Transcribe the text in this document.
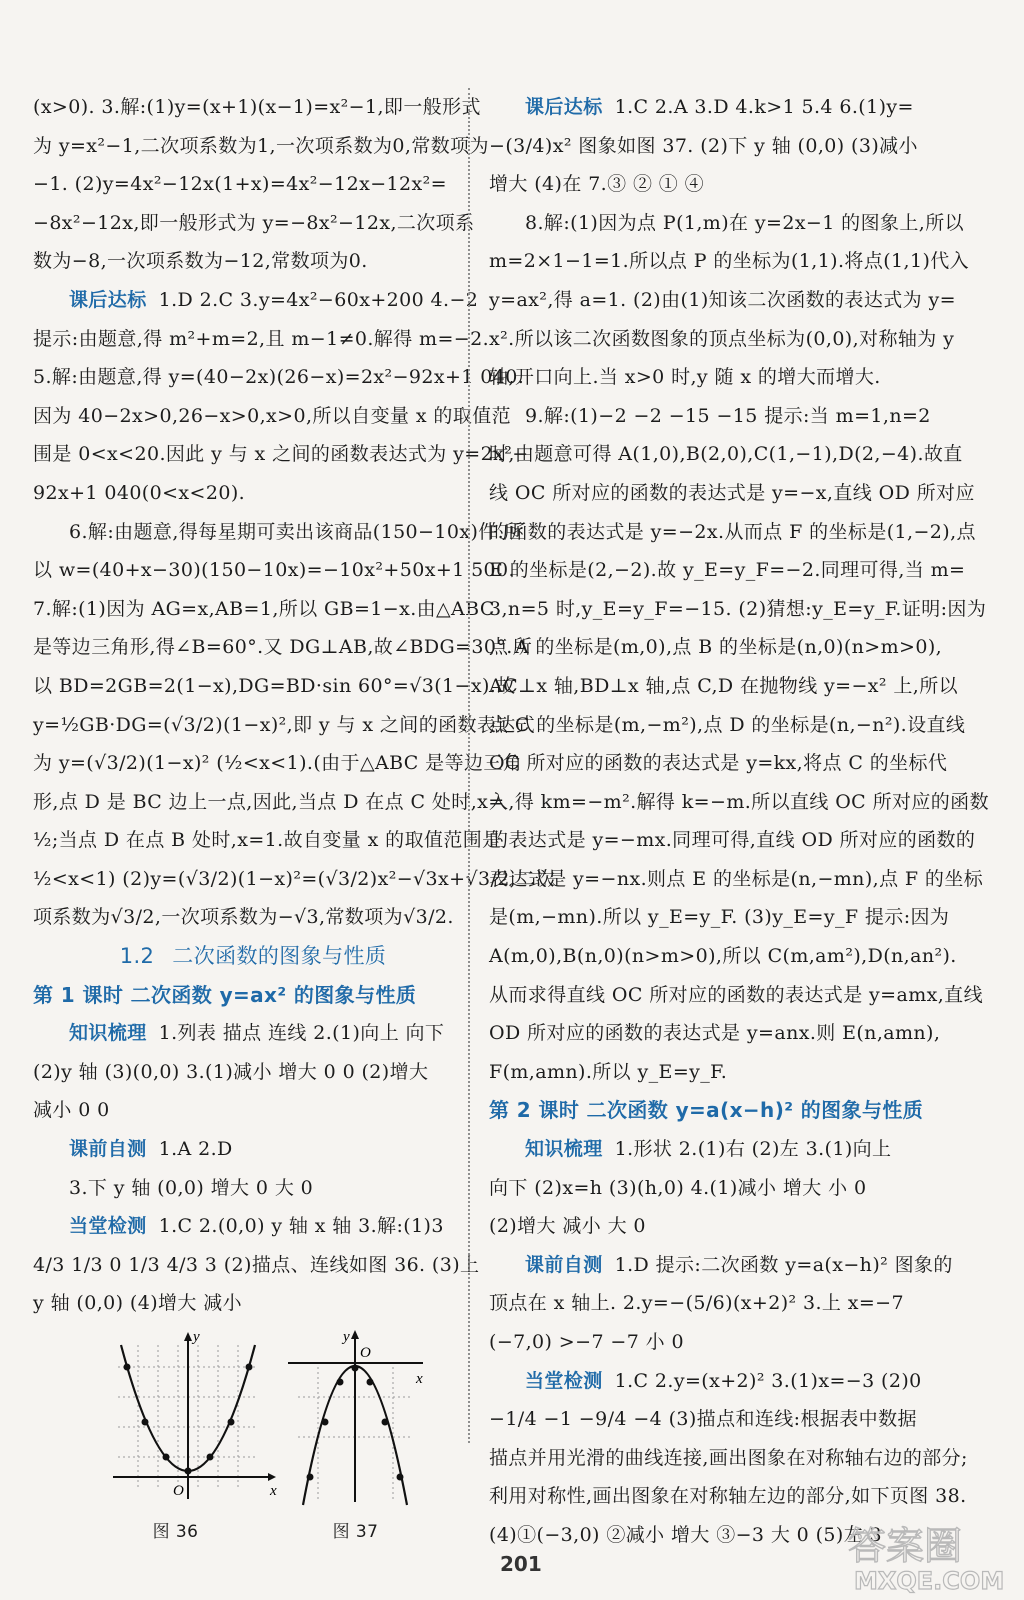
(x>0). 3.解:(1)y=(x+1)(x−1)=x²−1,即一般形式
为 y=x²−1,二次项系数为1,一次项系数为0,常数项为
−1. (2)y=4x²−12x(1+x)=4x²−12x−12x²=
−8x²−12x,即一般形式为 y=−8x²−12x,二次项系
数为−8,一次项系数为−12,常数项为0.
课后达标 1.D 2.C 3.y=4x²−60x+200 4.−2
提示:由题意,得 m²+m=2,且 m−1≠0.解得 m=−2.
5.解:由题意,得 y=(40−2x)(26−x)=2x²−92x+1 040.
因为 40−2x>0,26−x>0,x>0,所以自变量 x 的取值范
围是 0<x<20.因此 y 与 x 之间的函数表达式为 y=2x²−
92x+1 040(0<x<20).
6.解:由题意,得每星期可卖出该商品(150−10x)件.所
以 w=(40+x−30)(150−10x)=−10x²+50x+1 500.
7.解:(1)因为 AG=x,AB=1,所以 GB=1−x.由△ABC
是等边三角形,得∠B=60°.又 DG⊥AB,故∠BDG=30°.所
以 BD=2GB=2(1−x),DG=BD·sin 60°=√3(1−x).故
y=½GB·DG=(√3/2)(1−x)²,即 y 与 x 之间的函数表达式
为 y=(√3/2)(1−x)² (½<x<1).(由于△ABC 是等边三角
形,点 D 是 BC 边上一点,因此,当点 D 在点 C 处时,x=
½;当点 D 在点 B 处时,x=1.故自变量 x 的取值范围是
½<x<1) (2)y=(√3/2)(1−x)²=(√3/2)x²−√3x+√3/2,二次
项系数为√3/2,一次项系数为−√3,常数项为√3/2.
1.2 二次函数的图象与性质
第 1 课时 二次函数 y=ax² 的图象与性质
知识梳理 1.列表 描点 连线 2.(1)向上 向下
(2)y 轴 (3)(0,0) 3.(1)减小 增大 0 0 (2)增大
减小 0 0
课前自测 1.A 2.D
3.下 y 轴 (0,0) 增大 0 大 0
当堂检测 1.C 2.(0,0) y 轴 x 轴 3.解:(1)3
4/3 1/3 0 1/3 4/3 3 (2)描点、连线如图 36. (3)上
y 轴 (0,0) (4)增大 减小
x
y
O
图 36
x
y
O
图 37
课后达标 1.C 2.A 3.D 4.k>1 5.4 6.(1)y=
−(3/4)x² 图象如图 37. (2)下 y 轴 (0,0) (3)减小
增大 (4)在 7.③ ② ① ④
8.解:(1)因为点 P(1,m)在 y=2x−1 的图象上,所以
m=2×1−1=1.所以点 P 的坐标为(1,1).将点(1,1)代入
y=ax²,得 a=1. (2)由(1)知该二次函数的表达式为 y=
x².所以该二次函数图象的顶点坐标为(0,0),对称轴为 y
轴,开口向上.当 x>0 时,y 随 x 的增大而增大.
9.解:(1)−2 −2 −15 −15 提示:当 m=1,n=2
时,由题意可得 A(1,0),B(2,0),C(1,−1),D(2,−4).故直
线 OC 所对应的函数的表达式是 y=−x,直线 OD 所对应
的函数的表达式是 y=−2x.从而点 F 的坐标是(1,−2),点
E 的坐标是(2,−2).故 y_E=y_F=−2.同理可得,当 m=
3,n=5 时,y_E=y_F=−15. (2)猜想:y_E=y_F.证明:因为
点 A 的坐标是(m,0),点 B 的坐标是(n,0)(n>m>0),
AC⊥x 轴,BD⊥x 轴,点 C,D 在抛物线 y=−x² 上,所以
点 C 的坐标是(m,−m²),点 D 的坐标是(n,−n²).设直线
OC 所对应的函数的表达式是 y=kx,将点 C 的坐标代
入,得 km=−m².解得 k=−m.所以直线 OC 所对应的函数
的表达式是 y=−mx.同理可得,直线 OD 所对应的函数的
表达式是 y=−nx.则点 E 的坐标是(n,−mn),点 F 的坐标
是(m,−mn).所以 y_E=y_F. (3)y_E=y_F 提示:因为
A(m,0),B(n,0)(n>m>0),所以 C(m,am²),D(n,an²).
从而求得直线 OC 所对应的函数的表达式是 y=amx,直线
OD 所对应的函数的表达式是 y=anx.则 E(n,amn),
F(m,amn).所以 y_E=y_F.
第 2 课时 二次函数 y=a(x−h)² 的图象与性质
知识梳理 1.形状 2.(1)右 (2)左 3.(1)向上
向下 (2)x=h (3)(h,0) 4.(1)减小 增大 小 0
(2)增大 减小 大 0
课前自测 1.D 提示:二次函数 y=a(x−h)² 图象的
顶点在 x 轴上. 2.y=−(5/6)(x+2)² 3.上 x=−7
(−7,0) >−7 −7 小 0
当堂检测 1.C 2.y=(x+2)² 3.(1)x=−3 (2)0
−1/4 −1 −9/4 −4 (3)描点和连线:根据表中数据
描点并用光滑的曲线连接,画出图象在对称轴右边的部分;
利用对称性,画出图象在对称轴左边的部分,如下页图 38.
(4)①(−3,0) ②减小 增大 ③−3 大 0 (5)左 3
201	答案圈
MXQE.COM
